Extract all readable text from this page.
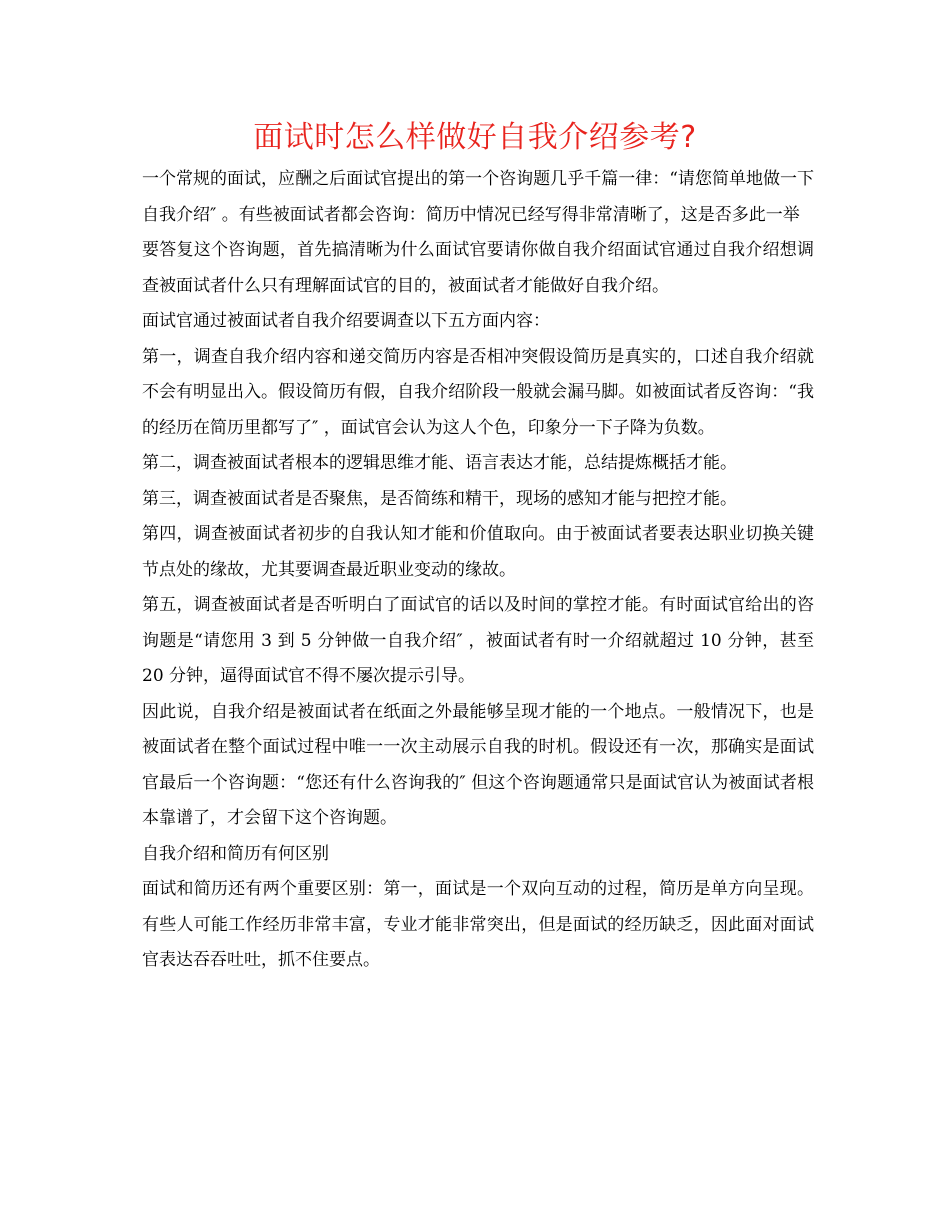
面试时怎么样做好自我介绍参考?

一个常规的面试，应酬之后面试官提出的第一个咨询题几乎千篇一律：“请您简单地做一下自我介绍″ 。有些被面试者都会咨询：简历中情况已经写得非常清晰了，这是否多此一举

要答复这个咨询题，首先搞清晰为什么面试官要请你做自我介绍面试官通过自我介绍想调查被面试者什么只有理解面试官的目的，被面试者才能做好自我介绍。

面试官通过被面试者自我介绍要调查以下五方面内容：

第一，调查自我介绍内容和递交简历内容是否相冲突假设简历是真实的，口述自我介绍就不会有明显出入。假设简历有假，自我介绍阶段一般就会漏马脚。如被面试者反咨询：“我的经历在简历里都写了″ ，面试官会认为这人个色，印象分一下子降为负数。

第二，调查被面试者根本的逻辑思维才能、语言表达才能，总结提炼概括才能。

第三，调查被面试者是否聚焦，是否简练和精干，现场的感知才能与把控才能。

第四，调查被面试者初步的自我认知才能和价值取向。由于被面试者要表达职业切换关键节点处的缘故，尤其要调查最近职业变动的缘故。

第五，调查被面试者是否听明白了面试官的话以及时间的掌控才能。有时面试官给出的咨询题是“请您用 3 到 5 分钟做一自我介绍″ ，被面试者有时一介绍就超过 10 分钟，甚至 20 分钟，逼得面试官不得不屡次提示引导。

因此说，自我介绍是被面试者在纸面之外最能够呈现才能的一个地点。一般情况下，也是被面试者在整个面试过程中唯一一次主动展示自我的时机。假设还有一次，那确实是面试官最后一个咨询题：“您还有什么咨询我的″ 但这个咨询题通常只是面试官认为被面试者根本靠谱了，才会留下这个咨询题。

自我介绍和简历有何区别

面试和简历还有两个重要区别：第一，面试是一个双向互动的过程，简历是单方向呈现。有些人可能工作经历非常丰富，专业才能非常突出，但是面试的经历缺乏，因此面对面试官表达吞吞吐吐，抓不住要点。
